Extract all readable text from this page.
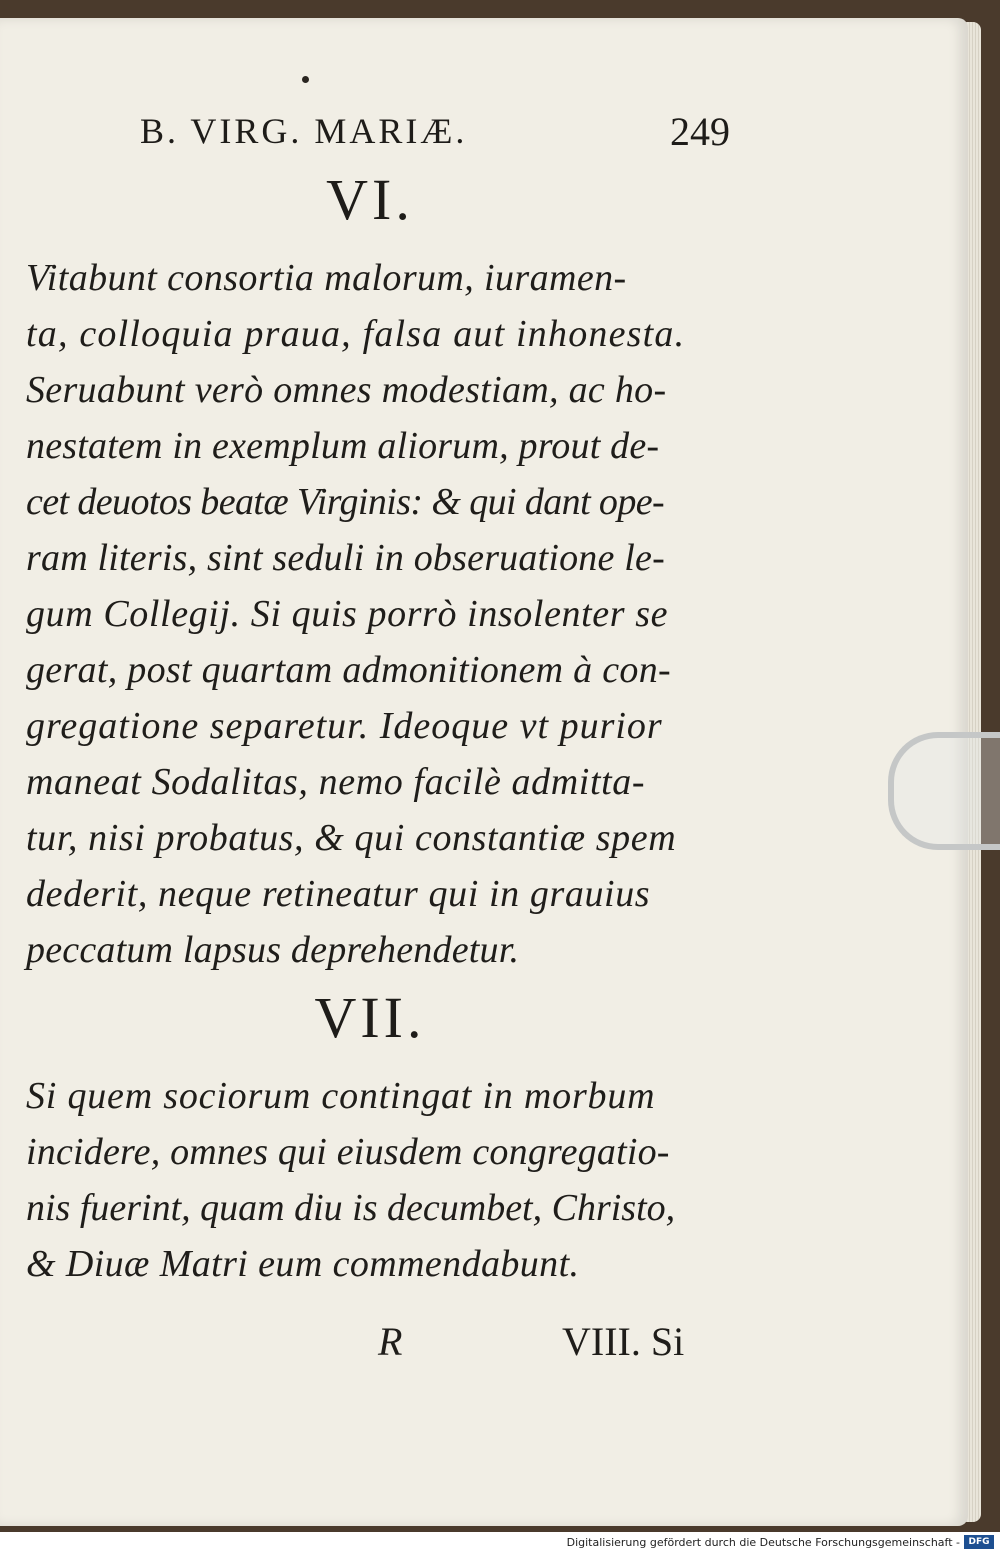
B. VIRG. MARIÆ.	249
VI.
Vitabunt consortia malorum, iuramen-
ta, colloquia praua, falsa aut inhonesta.
Seruabunt verò omnes modestiam, ac ho-
nestatem in exemplum aliorum, prout de-
cet deuotos beatæ Virginis: & qui dant ope-
ram literis, sint seduli in obseruatione le-
gum Collegij. Si quis porrò insolenter se
gerat, post quartam admonitionem à con-
gregatione separetur. Ideoque vt purior
maneat Sodalitas, nemo facilè admitta-
tur, nisi probatus, & qui constantiæ spem
dederit, neque retineatur qui in grauius
peccatum lapsus deprehendetur.
VII.
Si quem sociorum contingat in morbum
incidere, omnes qui eiusdem congregatio-
nis fuerint, quam diu is decumbet, Christo,
& Diuæ Matri eum commendabunt.
R	VIII. Si
Digitalisierung gefördert durch die Deutsche Forschungsgemeinschaft - DFG
